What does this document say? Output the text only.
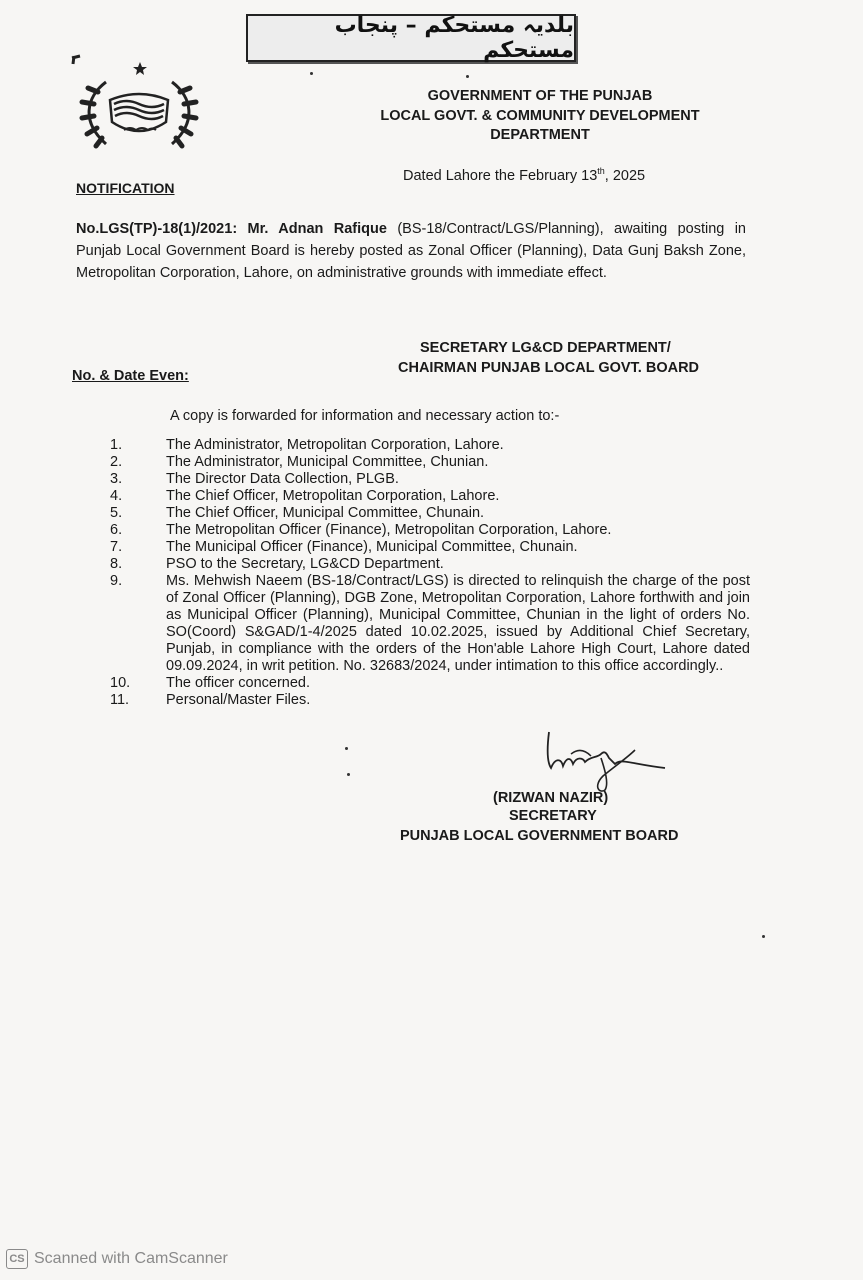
بلدیہ مستحکم – پنجاب مستحکم
GOVERNMENT OF THE PUNJAB
LOCAL GOVT. & COMMUNITY DEVELOPMENT
DEPARTMENT
Dated Lahore the February 13th, 2025
NOTIFICATION
No.LGS(TP)-18(1)/2021: Mr. Adnan Rafique (BS-18/Contract/LGS/Planning), awaiting posting in Punjab Local Government Board is hereby posted as Zonal Officer (Planning), Data Gunj Baksh Zone, Metropolitan Corporation, Lahore, on administrative grounds with immediate effect.
SECRETARY LG&CD DEPARTMENT/
CHAIRMAN PUNJAB LOCAL GOVT. BOARD
No. & Date Even:
A copy is forwarded for information and necessary action to:-
1.	The Administrator, Metropolitan Corporation, Lahore.
2.	The Administrator, Municipal Committee, Chunian.
3.	The Director Data Collection, PLGB.
4.	The Chief Officer, Metropolitan Corporation, Lahore.
5.	The Chief Officer, Municipal Committee, Chunain.
6.	The Metropolitan Officer (Finance), Metropolitan Corporation, Lahore.
7.	The Municipal Officer (Finance), Municipal Committee, Chunain.
8.	PSO to the Secretary, LG&CD Department.
9.	Ms. Mehwish Naeem (BS-18/Contract/LGS) is directed to relinquish the charge of the post of Zonal Officer (Planning), DGB Zone, Metropolitan Corporation, Lahore forthwith and join as Municipal Officer (Planning), Municipal Committee, Chunian in the light of orders No. SO(Coord) S&GAD/1-4/2025 dated 10.02.2025, issued by Additional Chief Secretary, Punjab, in compliance with the orders of the Hon'able Lahore High Court, Lahore dated 09.09.2024, in writ petition. No. 32683/2024, under intimation to this office accordingly..
10.	The officer concerned.
11.	Personal/Master Files.
(RIZWAN NAZIR)
SECRETARY
PUNJAB LOCAL GOVERNMENT BOARD
CS Scanned with CamScanner
